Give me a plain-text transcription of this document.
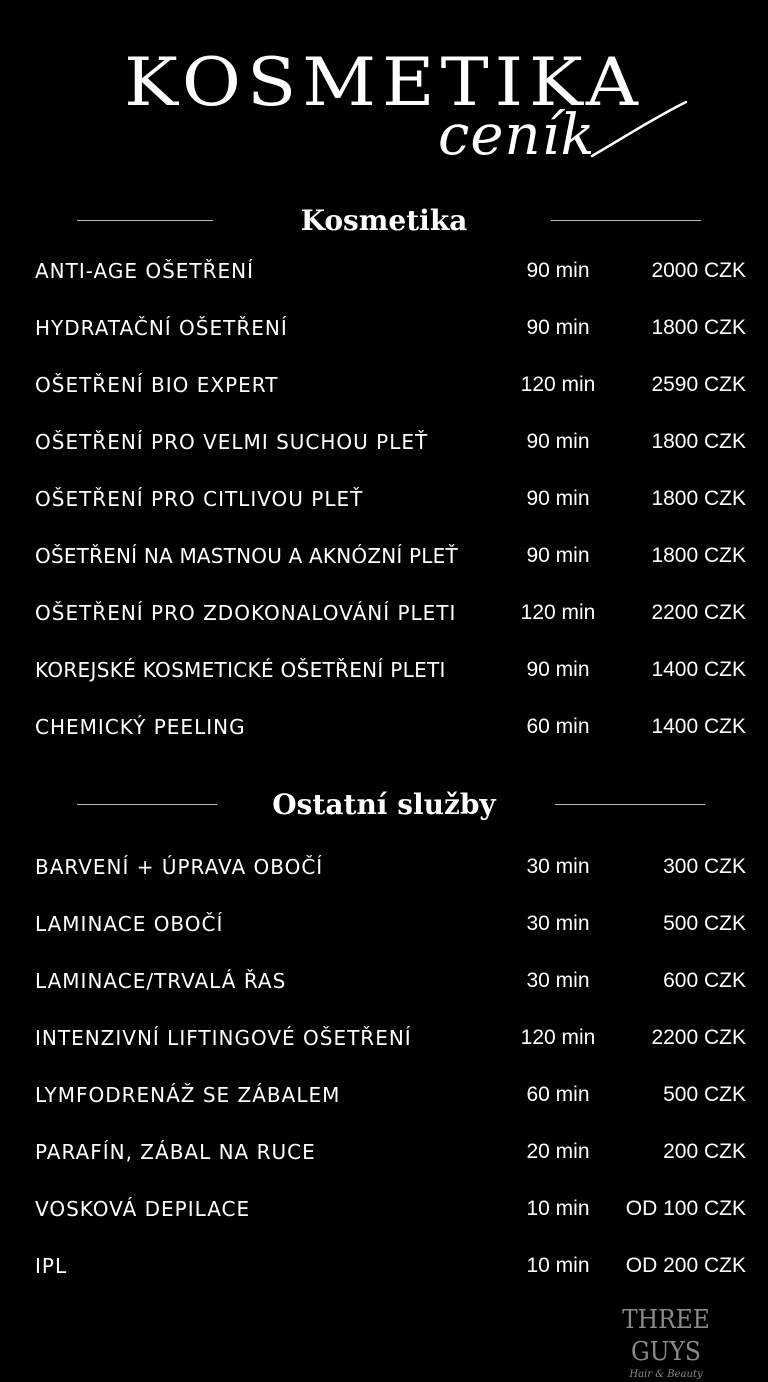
KOSMETIKA
ceník
Kosmetika
ANTI-AGE OŠETŘENÍ	90 min	2000 CZK
HYDRATAČNÍ OŠETŘENÍ	90 min	1800 CZK
OŠETŘENÍ BIO EXPERT	120 min	2590 CZK
OŠETŘENÍ PRO VELMI SUCHOU PLEŤ	90 min	1800 CZK
OŠETŘENÍ PRO CITLIVOU PLEŤ	90 min	1800 CZK
OŠETŘENÍ NA MASTNOU A AKNÓZNÍ PLEŤ	90 min	1800 CZK
OŠETŘENÍ PRO ZDOKONALOVÁNÍ PLETI	120 min	2200 CZK
KOREJSKÉ KOSMETICKÉ OŠETŘENÍ PLETI	90 min	1400 CZK
CHEMICKÝ PEELING	60 min	1400 CZK
Ostatní služby
BARVENÍ + ÚPRAVA OBOČÍ	30 min	300 CZK
LAMINACE OBOČÍ	30 min	500 CZK
LAMINACE/TRVALÁ ŘAS	30 min	600 CZK
INTENZIVNÍ LIFTINGOVÉ OŠETŘENÍ	120 min	2200 CZK
LYMFODRENÁŽ SE ZÁBALEM	60 min	500 CZK
PARAFÍN, ZÁBAL NA RUCE	20 min	200 CZK
VOSKOVÁ DEPILACE	10 min	OD 100 CZK
IPL	10 min	OD 200 CZK
THREE GUYS
Hair & Beauty
